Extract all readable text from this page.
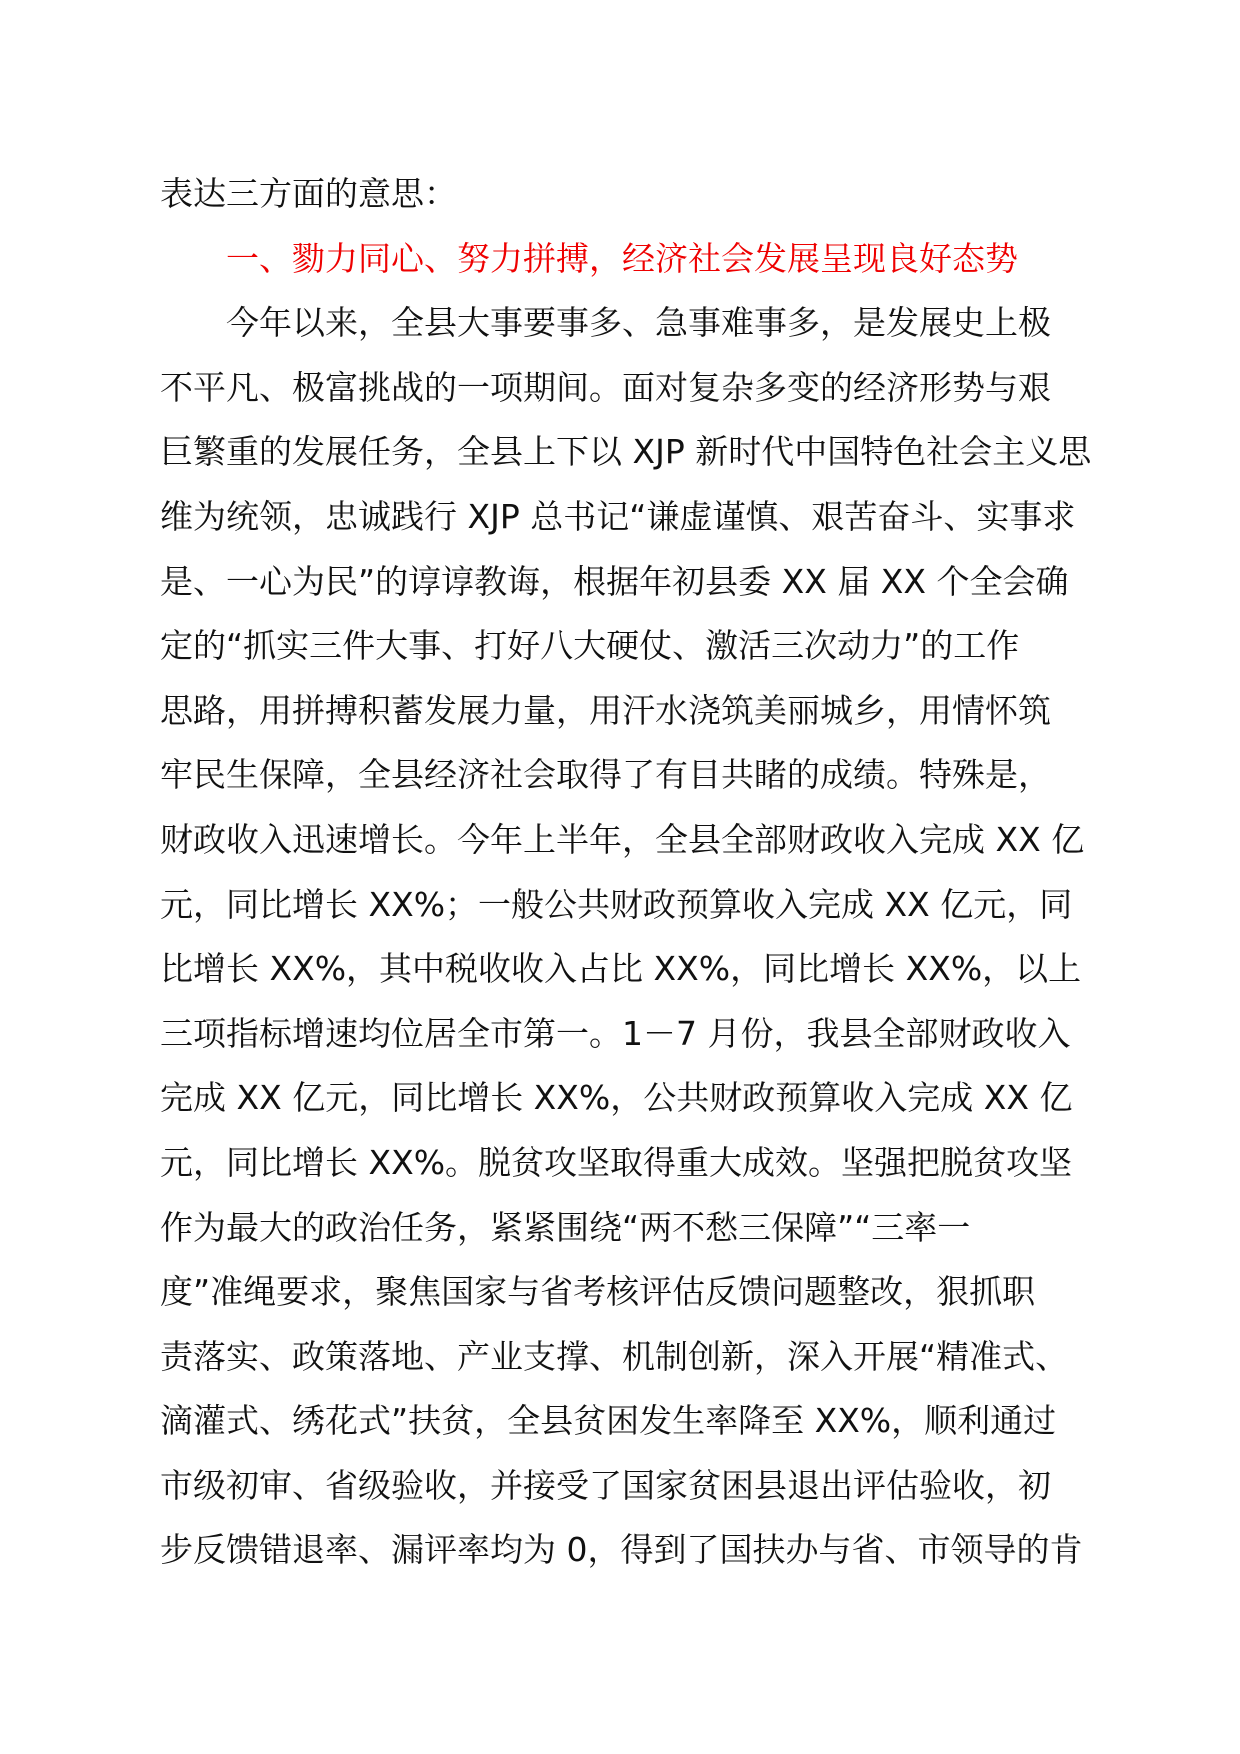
表达三方面的意思：
一、勠力同心、努力拼搏，经济社会发展呈现良好态势
今年以来，全县大事要事多、急事难事多，是发展史上极
不平凡、极富挑战的一项期间。面对复杂多变的经济形势与艰
巨繁重的发展任务，全县上下以 XJP 新时代中国特色社会主义思
维为统领，忠诚践行 XJP 总书记“谦虚谨慎、艰苦奋斗、实事求
是、一心为民”的谆谆教诲，根据年初县委 XX 届 XX 个全会确
定的“抓实三件大事、打好八大硬仗、激活三次动力”的工作
思路，用拼搏积蓄发展力量，用汗水浇筑美丽城乡，用情怀筑
牢民生保障，全县经济社会取得了有目共睹的成绩。特殊是，
财政收入迅速增长。今年上半年，全县全部财政收入完成 XX 亿
元，同比增长 XX%；一般公共财政预算收入完成 XX 亿元，同
比增长 XX%，其中税收收入占比 XX%，同比增长 XX%，以上
三项指标增速均位居全市第一。1－7 月份，我县全部财政收入
完成 XX 亿元，同比增长 XX%，公共财政预算收入完成 XX 亿
元，同比增长 XX%。脱贫攻坚取得重大成效。坚强把脱贫攻坚
作为最大的政治任务，紧紧围绕“两不愁三保障”“三率一
度”准绳要求，聚焦国家与省考核评估反馈问题整改，狠抓职
责落实、政策落地、产业支撑、机制创新，深入开展“精准式、
滴灌式、绣花式”扶贫，全县贫困发生率降至 XX%，顺利通过
市级初审、省级验收，并接受了国家贫困县退出评估验收，初
步反馈错退率、漏评率均为 0，得到了国扶办与省、市领导的肯
